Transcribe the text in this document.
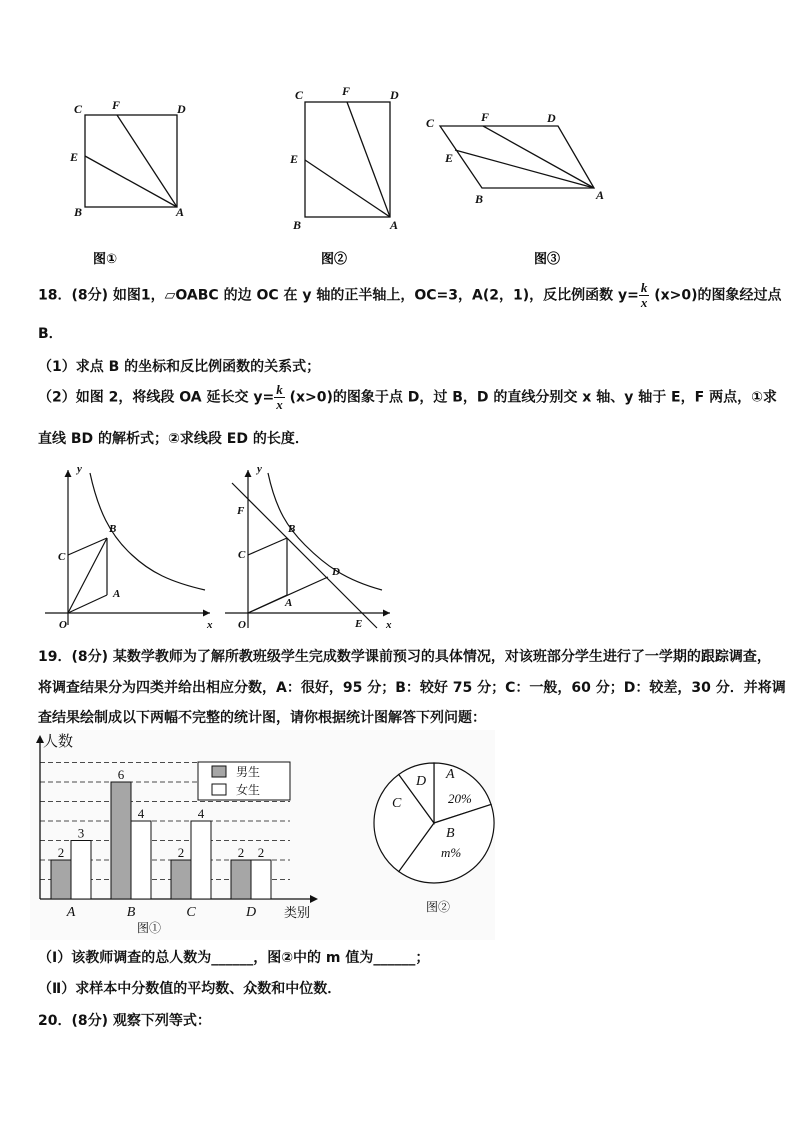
C F	D
E
B	A
图①
C	F	D
E
B	A
图②
C	F	D
E
B	A
图③
18．(8分) 如图1，▱OABC 的边 OC 在 y 轴的正半轴上，OC=3，A(2，1)，反比例函数 $y= \frac{k}{x} (x>0)$的图象经过点
B．
（1）求点 B 的坐标和反比例函数的关系式；
（2）如图 2，将线段 OA 延长交 $y= \frac{k}{x} (x>0)$的图象于点 D，过 B，D 的直线分别交 x 轴、y 轴于 E，F 两点，①求
直线 BD 的解析式；②求线段 ED 的长度．
y
x
O
C
B
A
y
x
O
F
C
B
A
D
E
19．(8分) 某数学教师为了解所教班级学生完成数学课前预习的具体情况，对该班部分学生进行了一学期的跟踪调查，
将调查结果分为四类并给出相应分数，A：很好，95 分；B：较好 75 分；C：一般，60 分；D：较差，30 分．并将调
查结果绘制成以下两幅不完整的统计图，请你根据统计图解答下列问题：
人数
类别
图①
2
3
A
6
4
B
2
4
C
2 2
D
男生
女生
A
20%
B
m%
C
D
图②
（Ⅰ）该教师调查的总人数为______，图②中的 m 值为______；
（Ⅱ）求样本中分数值的平均数、众数和中位数．
20．(8分) 观察下列等式：
